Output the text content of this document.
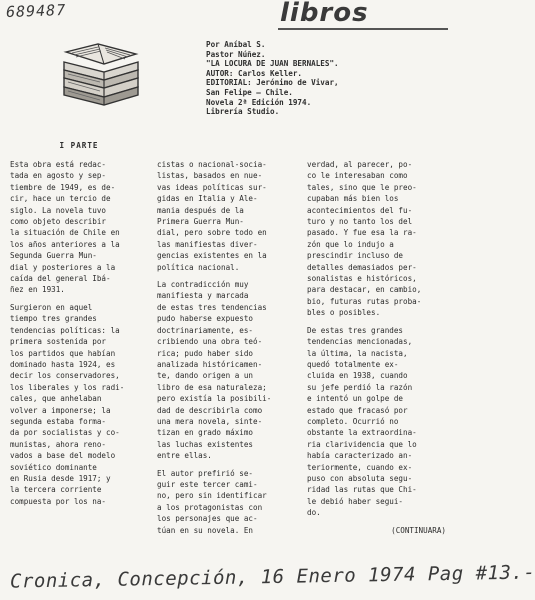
689487	libros
Por Aníbal S.
Pastor Núñez.
"LA LOCURA DE JUAN BERNALES".
AUTOR: Carlos Keller.
EDITORIAL: Jerónimo de Vivar,
San Felipe — Chile.
Novela 2ª Edición 1974.
Librería Studio.
I PARTE
Esta obra está redac-
tada en agosto y sep-
tiembre de 1949, es de-
cir, hace un tercio de
siglo. La novela tuvo
como objeto describir
la situación de Chile en
los años anteriores a la
Segunda Guerra Mun-
dial y posteriores a la
caída del general Ibá-
ñez en 1931.
Surgieron en aquel
tiempo tres grandes
tendencias políticas: la
primera sostenida por
los partidos que habían
dominado hasta 1924, es
decir los conservadores,
los liberales y los radi-
cales, que anhelaban
volver a imponerse; la
segunda estaba forma-
da por socialistas y co-
munistas, ahora reno-
vados a base del modelo
soviético dominante
en Rusia desde 1917; y
la tercera corriente
compuesta por los na-
cistas o nacional-socia-
listas, basados en nue-
vas ideas políticas sur-
gidas en Italia y Ale-
mania después de la
Primera Guerra Mun-
dial, pero sobre todo en
las manifiestas diver-
gencias existentes en la
política nacional.
La contradicción muy
manifiesta y marcada
de estas tres tendencias
pudo haberse expuesto
doctrinariamente, es-
cribiendo una obra teó-
rica; pudo haber sido
analizada históricamen-
te, dando origen a un
libro de esa naturaleza;
pero existía la posibili-
dad de describirla como
una mera novela, sinte-
tizan en grado máximo
las luchas existentes
entre ellas.
El autor prefirió se-
guir este tercer cami-
no, pero sin identificar
a los protagonistas con
los personajes que ac-
túan en su novela. En
verdad, al parecer, po-
co le interesaban como
tales, sino que le preo-
cupaban más bien los
acontecimientos del fu-
turo y no tanto los del
pasado. Y fue esa la ra-
zón que lo indujo a
prescindir incluso de
detalles demasiados per-
sonalistas e históricos,
para destacar, en cambio,
bio, futuras rutas proba-
bles o posibles.
De estas tres grandes
tendencias mencionadas,
la última, la nacista,
quedó totalmente ex-
cluida en 1938, cuando
su jefe perdió la razón
e intentó un golpe de
estado que fracasó por
completo. Ocurrió no
obstante la extraordina-
ria clarividencia que lo
había caracterizado an-
teriormente, cuando ex-
puso con absoluta segu-
ridad las rutas que Chi-
le debió haber segui-
do.
(CONTINUARA)
Cronica, Concepción, 16 Enero 1974 Pag #13.-
